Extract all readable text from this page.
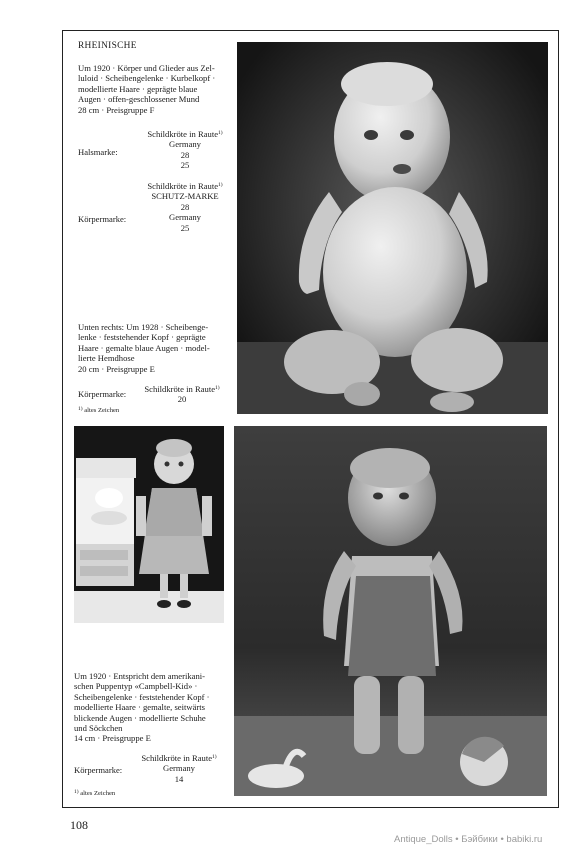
RHEINISCHE
Um 1920 · Körper und Glieder aus Zel-
luloid · Scheibengelenke · Kurbelkopf ·
modellierte Haare · geprägte blaue
Augen · offen-geschlossener Mund
28 cm · Preisgruppe F
Schildkröte in Raute$^{1)}$
Germany
28
25
Halsmarke:
Schildkröte in Raute$^{1)}$
SCHUTZ-MARKE
28
Germany
25
Körpermarke:
Unten rechts: Um 1928 · Scheibenge-
lenke · feststehender Kopf · geprägte
Haare · gemalte blaue Augen · model-
lierte Hemdhose
20 cm · Preisgruppe E
Schildkröte in Raute$^{1)}$
20
Körpermarke:
$^{1)}$ altes Zeichen
Um 1920 · Entspricht dem amerikani-
schen Puppentyp «Campbell-Kid» ·
Scheibengelenke · feststehender Kopf ·
modellierte Haare · gemalte, seitwärts
blickende Augen · modellierte Schuhe
und Söckchen
14 cm · Preisgruppe E
Schildkröte in Raute$^{1)}$
Germany
14
Körpermarke:
$^{1)}$ altes Zeichen
108
Antique_Dolls • Бэйбики • babiki.ru
